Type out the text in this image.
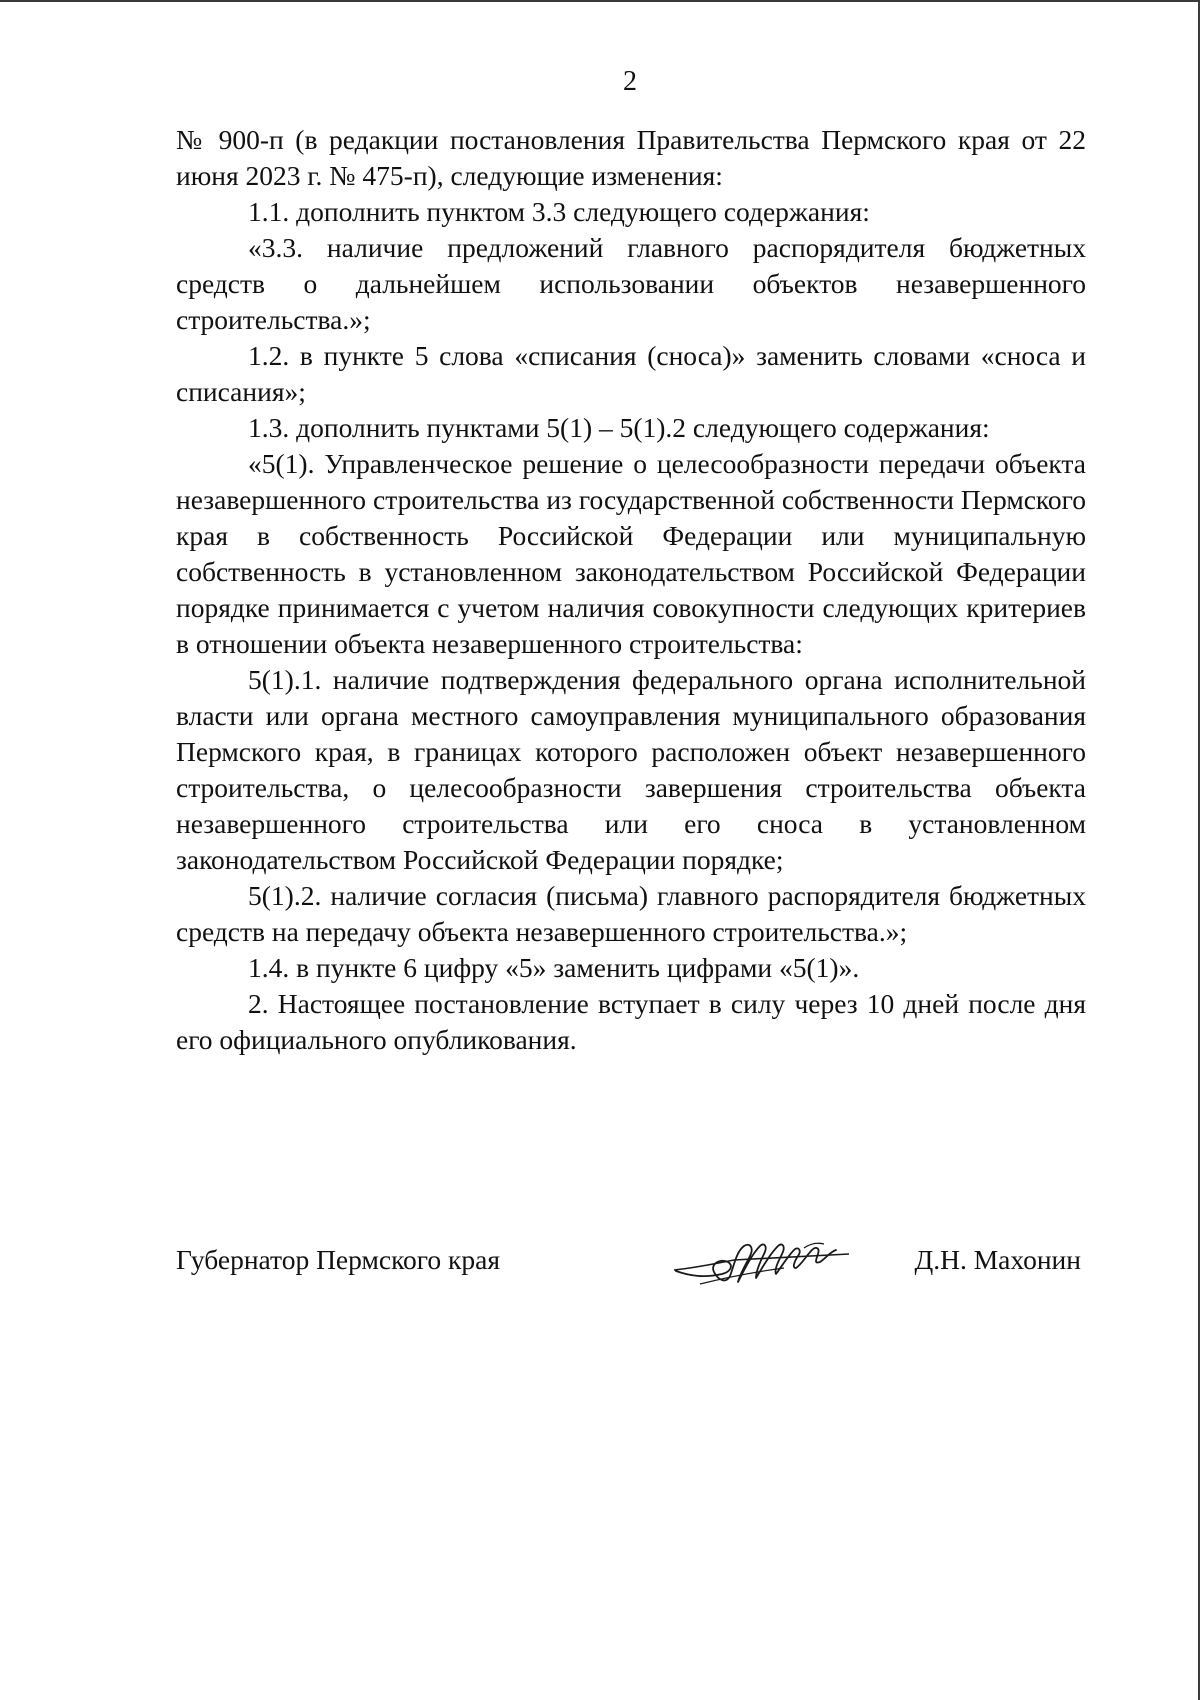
2

№ 900-п (в редакции постановления Правительства Пермского края от 22 июня 2023 г. № 475-п), следующие изменения:

1.1. дополнить пунктом 3.3 следующего содержания:

«3.3. наличие предложений главного распорядителя бюджетных средств о дальнейшем использовании объектов незавершенного строительства.»;

1.2. в пункте 5 слова «списания (сноса)» заменить словами «сноса и списания»;

1.3. дополнить пунктами 5(1) – 5(1).2 следующего содержания:

«5(1). Управленческое решение о целесообразности передачи объекта незавершенного строительства из государственной собственности Пермского края в собственность Российской Федерации или муниципальную собственность в установленном законодательством Российской Федерации порядке принимается с учетом наличия совокупности следующих критериев в отношении объекта незавершенного строительства:

5(1).1. наличие подтверждения федерального органа исполнительной власти или органа местного самоуправления муниципального образования Пермского края, в границах которого расположен объект незавершенного строительства, о целесообразности завершения строительства объекта незавершенного строительства или его сноса в установленном законодательством Российской Федерации порядке;

5(1).2. наличие согласия (письма) главного распорядителя бюджетных средств на передачу объекта незавершенного строительства.»;

1.4. в пункте 6 цифру «5» заменить цифрами «5(1)».

2. Настоящее постановление вступает в силу через 10 дней после дня его официального опубликования.

Губернатор Пермского края	Д.Н. Махонин
